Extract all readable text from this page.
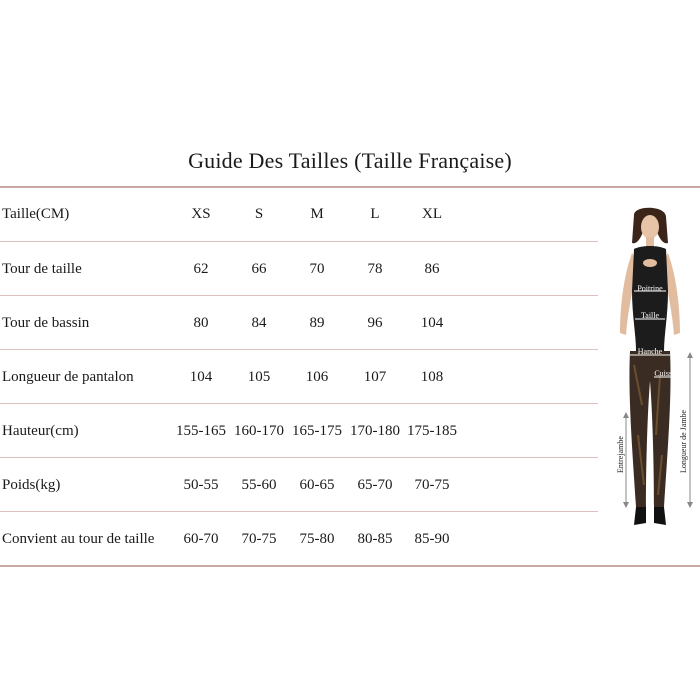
Guide Des Tailles (Taille Française)
Taille(CM)	XS	S	M	L	XL
Tour de taille	62	66	70	78	86
Tour de bassin	80	84	89	96	104
Longueur de pantalon	104	105	106	107	108
Hauteur(cm)	155-165 160-170 165-175 170-180 175-185
Poids(kg)	50-55	55-60	60-65	65-70	70-75
Convient au tour de taille	60-70	70-75	75-80	80-85	85-90
Poitrine
Taille
Hanche
Cuisse
Entrejambe	Longueur de Jambe
